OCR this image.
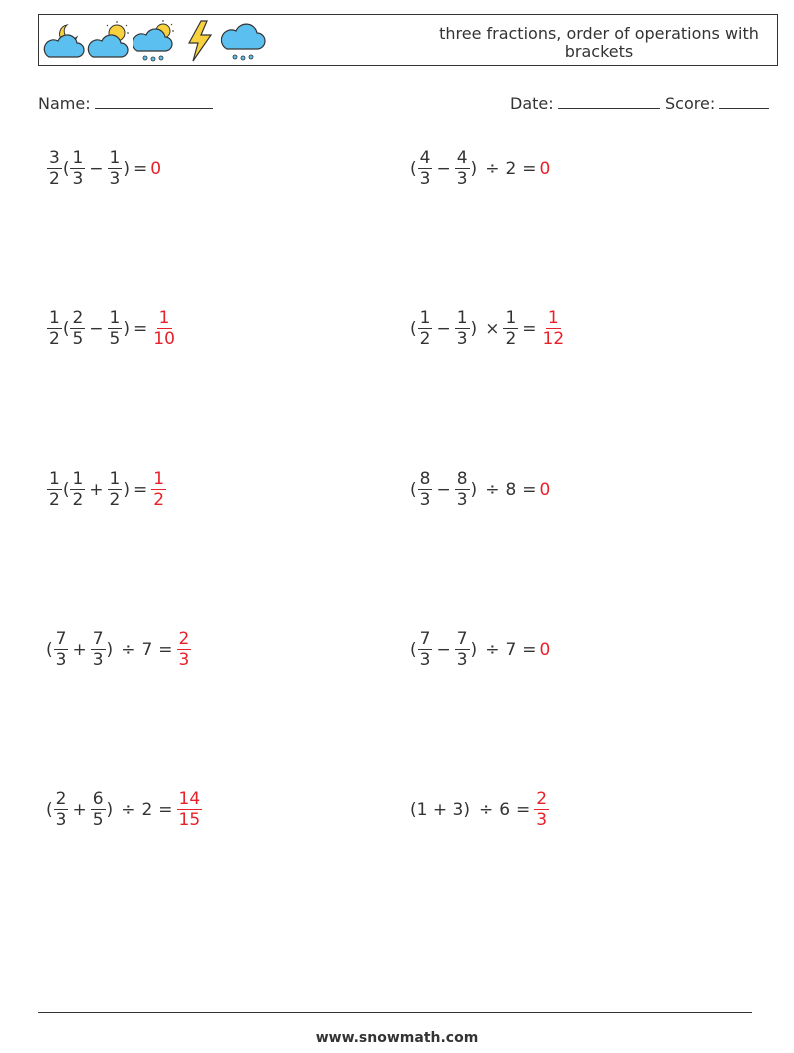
three fractions, order of operations with
brackets
Name:	Date:	Score:
$\frac{3}{2}$ ( $\frac{1}{3} - \frac{1}{3}$ ) = 0	( $\frac{4}{3} - \frac{4}{3}$ ) ÷ 2 = 0
$\frac{1}{2}$ ( $\frac{2}{5} - \frac{1}{5}$ ) = $\frac{1}{10}$	( $\frac{1}{2} - \frac{1}{3}$ ) × $\frac{1}{2} = \frac{1}{12}$
$\frac{1}{2}$ ( $\frac{1}{2} + \frac{1}{2}$ ) = $\frac{1}{2}$	( $\frac{8}{3} - \frac{8}{3}$ ) ÷ 8 = 0
( $\frac{7}{3} + \frac{7}{3}$ ) ÷ $7 = \frac{2}{3}$	( $\frac{7}{3} - \frac{7}{3}$ ) ÷ 7 = 0
( $\frac{2}{3} + \frac{6}{5}$ ) ÷ $2 = \frac{14}{15}$	$(1 + 3) \div 6 = \frac{2}{3}$
www.snowmath.com
